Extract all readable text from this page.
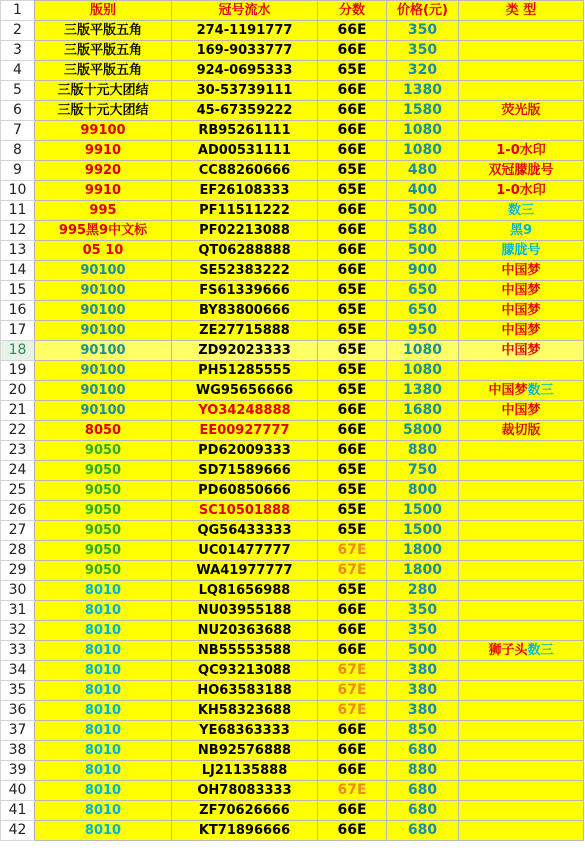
1	版别	冠号流水	分数	价格(元)	类 型
2	三版平版五角	274-1191777	66E	350	
3	三版平版五角	169-9033777	66E	350	
4	三版平版五角	924-0695333	65E	320	
5	三版十元大团结	30-53739111	66E	1380	
6	三版十元大团结	45-67359222	66E	1580	荧光版
7	99100	RB95261111	66E	1080	
8	9910	AD00531111	66E	1080	1-0水印
9	9920	CC88260666	65E	480	双冠朦胧号
10	9910	EF26108333	65E	400	1-0水印
11	995	PF11511222	66E	500	数三
12	995黑9中文标	PF02213088	66E	580	黑9
13	05 10	QT06288888	66E	500	朦胧号
14	90100	SE52383222	66E	900	中国梦
15	90100	FS61339666	65E	650	中国梦
16	90100	BY83800666	65E	650	中国梦
17	90100	ZE27715888	65E	950	中国梦
18	90100	ZD92023333	65E	1080	中国梦
19	90100	PH51285555	65E	1080	
20	90100	WG95656666	65E	1380	中国梦数三
21	90100	YO34248888	66E	1680	中国梦
22	8050	EE00927777	66E	5800	裁切版
23	9050	PD62009333	66E	880	
24	9050	SD71589666	65E	750	
25	9050	PD60850666	65E	800	
26	9050	SC10501888	65E	1500	
27	9050	QG56433333	65E	1500	
28	9050	UC01477777	67E	1800	
29	9050	WA41977777	67E	1800	
30	8010	LQ81656988	65E	280	
31	8010	NU03955188	66E	350	
32	8010	NU20363688	66E	350	
33	8010	NB55553588	66E	500	狮子头数三
34	8010	QC93213088	67E	380	
35	8010	HO63583188	67E	380	
36	8010	KH58323688	67E	380	
37	8010	YE68363333	66E	850	
38	8010	NB92576888	66E	680	
39	8010	LJ21135888	66E	880	
40	8010	OH78083333	67E	680	
41	8010	ZF70626666	66E	680	
42	8010	KT71896666	66E	680	
